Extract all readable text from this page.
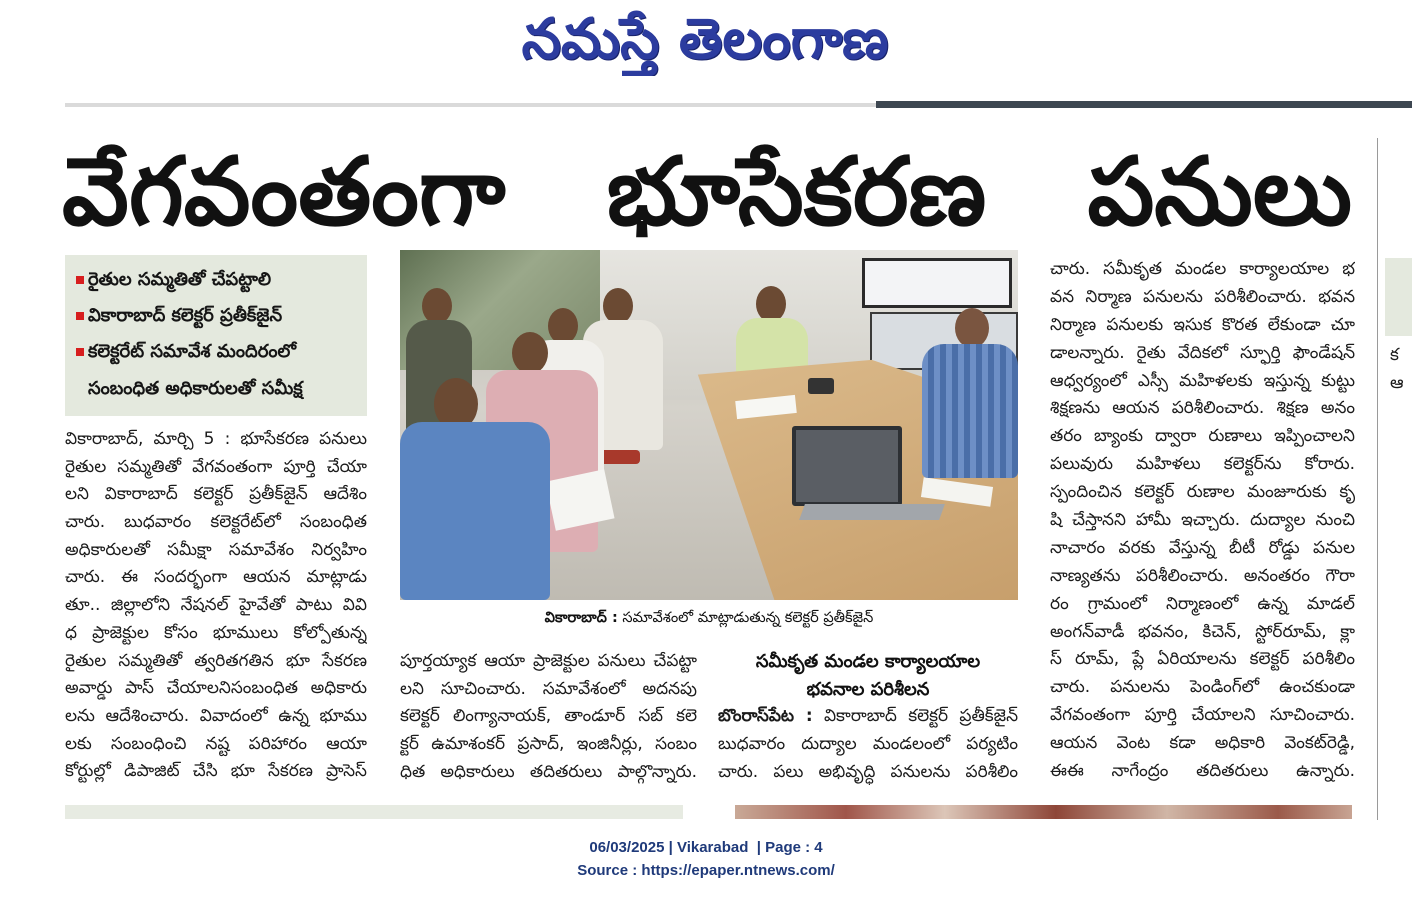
నమస్తే తెలంగాణ
వేగవంతంగా భూసేకరణ పనులు
రైతుల సమ్మతితో చేపట్టాలి
వికారాబాద్ కలెక్టర్ ప్రతీక్‌జైన్
కలెక్టరేట్ సమావేశ మందిరంలో
సంబంధిత అధికారులతో సమీక్ష
వికారాబాద్, మార్చి 5 : భూసేకరణ పనులు
రైతుల సమ్మతితో వేగవంతంగా పూర్తి చేయా
లని వికారాబాద్ కలెక్టర్ ప్రతీక్‌జైన్ ఆదేశిం
చారు. బుధవారం కలెక్టరేట్‌లో సంబంధిత
అధికారులతో సమీక్షా సమావేశం నిర్వహిం
చారు. ఈ సందర్భంగా ఆయన మాట్లాడు
తూ.. జిల్లాలోని నేషనల్ హైవేతో పాటు వివి
ధ ప్రాజెక్టుల కోసం భూములు కోల్పోతున్న
రైతుల సమ్మతితో త్వరితగతిన భూ సేకరణ
అవార్డు పాస్ చేయాలనిసంబంధిత అధికారు
లను ఆదేశించారు. వివాదంలో ఉన్న భూము
లకు సంబంధించి నష్ట పరిహారం ఆయా
కోర్టుల్లో డిపాజిట్ చేసి భూ సేకరణ ప్రాసెస్
వికారాబాద్ : సమావేశంలో మాట్లాడుతున్న కలెక్టర్ ప్రతీక్‌జైన్
పూర్తయ్యాక ఆయా ప్రాజెక్టుల పనులు చేపట్టా
లని సూచించారు. సమావేశంలో అదనపు
కలెక్టర్ లింగ్యానాయక్, తాండూర్ సబ్ కలె
క్టర్ ఉమాశంకర్ ప్రసాద్, ఇంజినీర్లు, సంబం
ధిత అధికారులు తదితరులు పాల్గొన్నారు.
సమీకృత మండల కార్యాలయాల
భవనాల పరిశీలన
బొంరాస్‌పేట : వికారాబాద్ కలెక్టర్ ప్రతీక్‌జైన్
బుధవారం దుద్యాల మండలంలో పర్యటిం
చారు. పలు అభివృద్ధి పనులను పరిశీలిం
చారు. సమీకృత మండల కార్యాలయాల భ
వన నిర్మాణ పనులను పరిశీలించారు. భవన
నిర్మాణ పనులకు ఇసుక కొరత లేకుండా చూ
డాలన్నారు. రైతు వేదికలో స్ఫూర్తి ఫౌండేషన్
ఆధ్వర్యంలో ఎస్సీ మహిళలకు ఇస్తున్న కుట్టు
శిక్షణను ఆయన పరిశీలించారు. శిక్షణ అనం
తరం బ్యాంకు ద్వారా రుణాలు ఇప్పించాలని
పలువురు మహిళలు కలెక్టర్‌ను కోరారు.
స్పందించిన కలెక్టర్ రుణాల మంజూరుకు కృ
షి చేస్తానని హామీ ఇచ్చారు. దుద్యాల నుంచి
నాచారం వరకు వేస్తున్న బీటీ రోడ్డు పనుల
నాణ్యతను పరిశీలించారు. అనంతరం గౌరా
రం గ్రామంలో నిర్మాణంలో ఉన్న మాడల్
అంగన్‌వాడీ భవనం, కిచెన్, స్టోర్‌రూమ్, క్లా
స్ రూమ్, ప్లే ఏరియాలను కలెక్టర్ పరిశీలిం
చారు. పనులను పెండింగ్‌లో ఉంచకుండా
వేగవంతంగా పూర్తి చేయాలని సూచించారు.
ఆయన వెంట కడా అధికారి వెంకట్‌రెడ్డి,
ఈఈ నాగేంద్రం తదితరులు ఉన్నారు.
క
ఆ
06/03/2025 | Vikarabad  | Page : 4
Source : https://epaper.ntnews.com/
